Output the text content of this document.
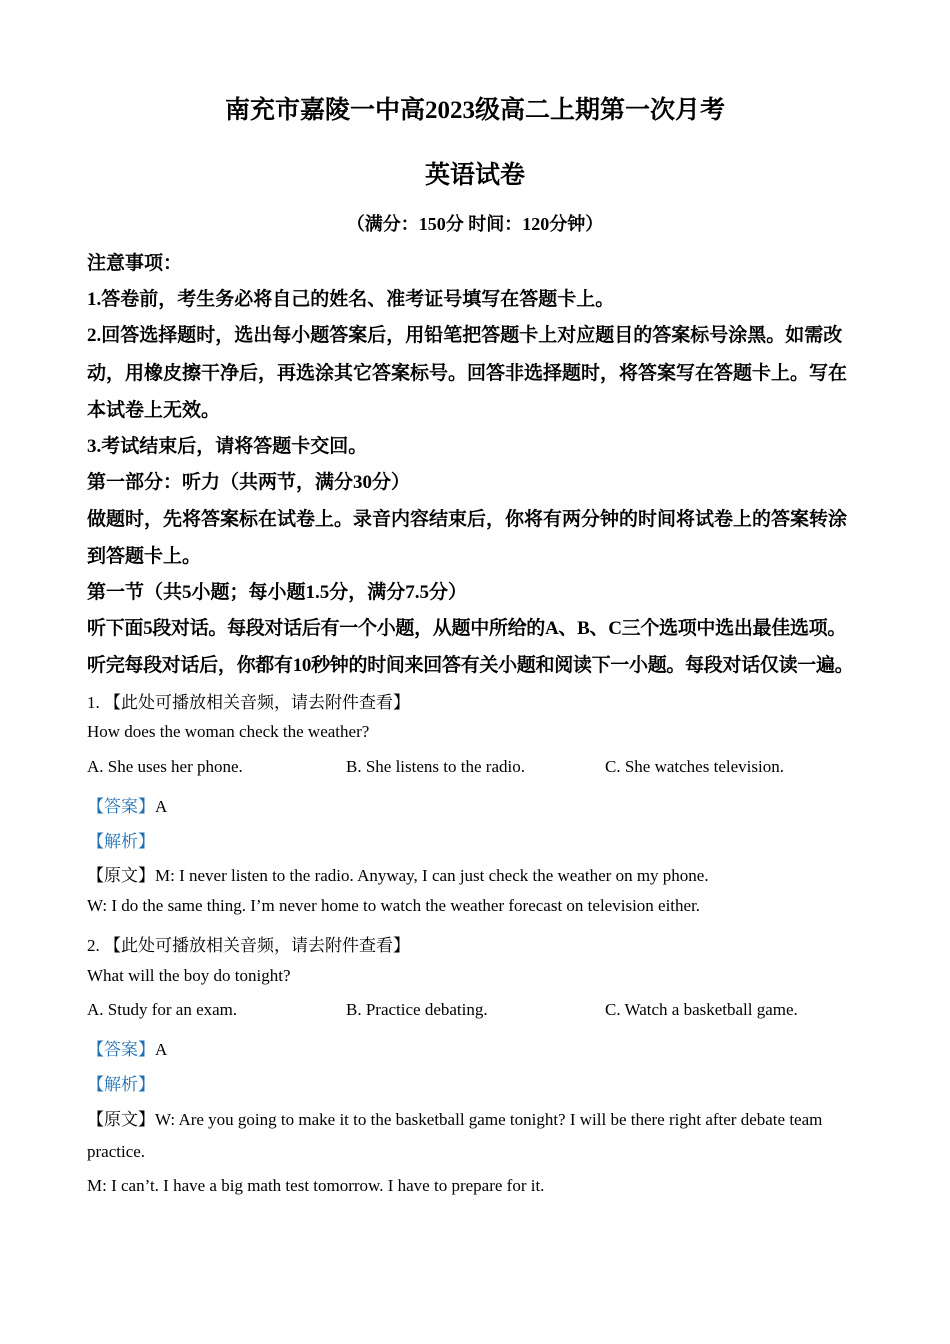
南充市嘉陵一中高2023级高二上期第一次月考
英语试卷
（满分：150分 时间：120分钟）
注意事项：
1.答卷前，考生务必将自己的姓名、准考证号填写在答题卡上。
2.回答选择题时，选出每小题答案后，用铅笔把答题卡上对应题目的答案标号涂黑。如需改
动，用橡皮擦干净后，再选涂其它答案标号。回答非选择题时，将答案写在答题卡上。写在
本试卷上无效。
3.考试结束后，请将答题卡交回。
第一部分：听力（共两节，满分30分）
做题时，先将答案标在试卷上。录音内容结束后，你将有两分钟的时间将试卷上的答案转涂
到答题卡上。
第一节（共5小题；每小题1.5分，满分7.5分）
听下面5段对话。每段对话后有一个小题，从题中所给的A、B、C三个选项中选出最佳选项。
听完每段对话后，你都有10秒钟的时间来回答有关小题和阅读下一小题。每段对话仅读一遍。
1. 【此处可播放相关音频，请去附件查看】
How does the woman check the weather?
A. She uses her phone.	B. She listens to the radio.	C. She watches television.
【答案】A
【解析】
【原文】M: I never listen to the radio. Anyway, I can just check the weather on my phone.
W: I do the same thing. I’m never home to watch the weather forecast on television either.
2. 【此处可播放相关音频，请去附件查看】
What will the boy do tonight?
A. Study for an exam.	B. Practice debating.	C. Watch a basketball game.
【答案】A
【解析】
【原文】W: Are you going to make it to the basketball game tonight? I will be there right after debate team
practice.
M: I can’t. I have a big math test tomorrow. I have to prepare for it.
